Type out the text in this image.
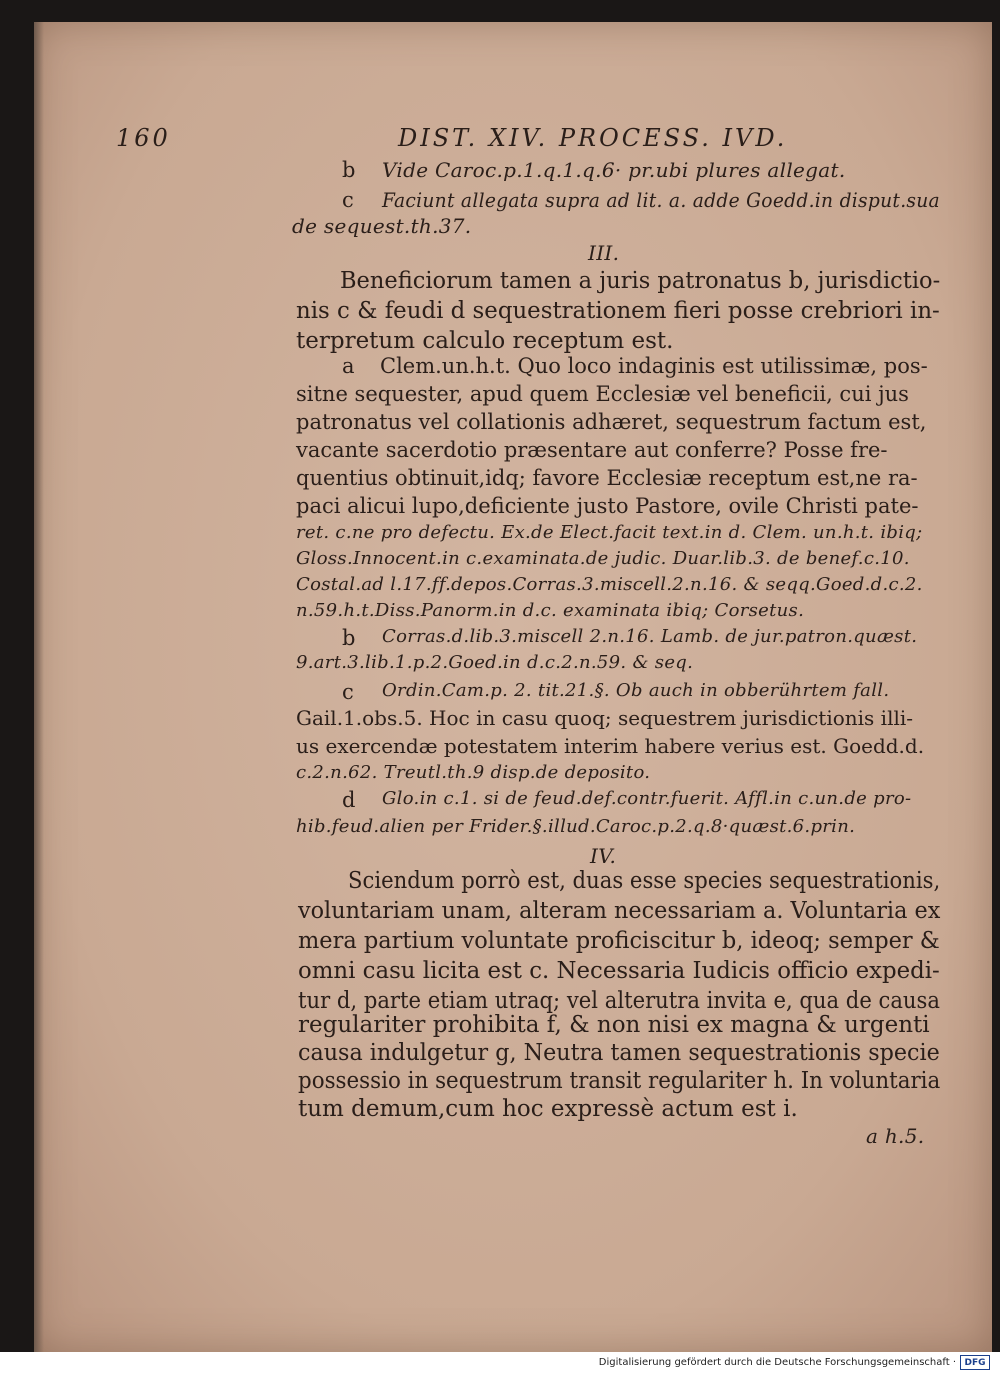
160	DIST. XIV. PROCESS. IVD.
b Vide Caroc.p.1.q.1.q.6· pr.ubi plures allegat.
c Faciunt allegata supra ad lit. a. adde Goedd.in disput.sua
de sequest.th.37.
III.
Beneficiorum tamen a juris patronatus b, jurisdictio-
nis c & feudi d sequestrationem fieri posse crebriori in-
terpretum calculo receptum est.
a Clem.un.h.t. Quo loco indaginis est utilissimæ, pos-
sitne sequester, apud quem Ecclesiæ vel beneficii, cui jus
patronatus vel collationis adhæret, sequestrum factum est,
vacante sacerdotio præsentare aut conferre? Posse fre-
quentius obtinuit,idq; favore Ecclesiæ receptum est,ne ra-
paci alicui lupo,deficiente justo Pastore, ovile Christi pate-
ret. c.ne pro defectu. Ex.de Elect.facit text.in d. Clem. un.h.t. ibiq;
Gloss.Innocent.in c.examinata.de judic. Duar.lib.3. de benef.c.10.
Costal.ad l.17.ff.depos.Corras.3.miscell.2.n.16. & seqq.Goed.d.c.2.
n.59.h.t.Diss.Panorm.in d.c. examinata ibiq; Corsetus.
b Corras.d.lib.3.miscell 2.n.16. Lamb. de jur.patron.quæst.
9.art.3.lib.1.p.2.Goed.in d.c.2.n.59. & seq.
c Ordin.Cam.p. 2. tit.21.§. Ob auch in obberührtem fall.
Gail.1.obs.5. Hoc in casu quoq; sequestrem jurisdictionis illi-
us exercendæ potestatem interim habere verius est. Goedd.d.
c.2.n.62. Treutl.th.9 disp.de deposito.
d Glo.in c.1. si de feud.def.contr.fuerit. Affl.in c.un.de pro-
hib.feud.alien per Frider.§.illud.Caroc.p.2.q.8·quæst.6.prin.
IV.
Sciendum porrò est, duas esse species sequestrationis,
voluntariam unam, alteram necessariam a. Voluntaria ex
mera partium voluntate proficiscitur b, ideoq; semper &
omni casu licita est c. Necessaria Iudicis officio expedi-
tur d, parte etiam utraq; vel alterutra invita e, qua de causa
regulariter prohibita f, & non nisi ex magna & urgenti
causa indulgetur g, Neutra tamen sequestrationis specie
possessio in sequestrum transit regulariter h. In voluntaria
tum demum,cum hoc expressè actum est i.
a h.5.
Digitalisierung gefördert durch die Deutsche Forschungsgemeinschaft · DFG
